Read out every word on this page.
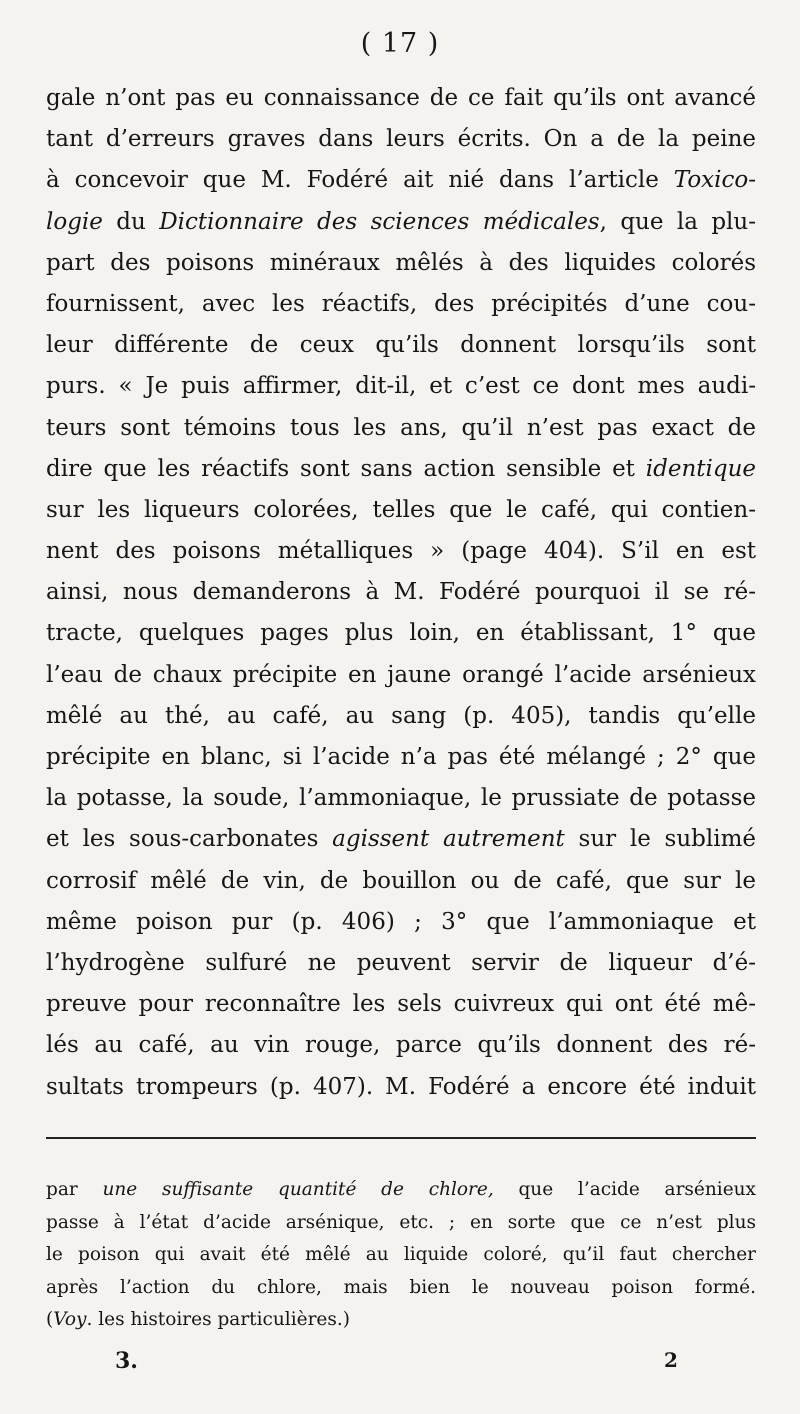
( 17 )
gale n’ont pas eu connaissance de ce fait qu’ils ont avancé
tant d’erreurs graves dans leurs écrits. On a de la peine
à concevoir que M. Fodéré ait nié dans l’article Toxico-
logie du Dictionnaire des sciences médicales, que la plu-
part des poisons minéraux mêlés à des liquides colorés
fournissent, avec les réactifs, des précipités d’une cou-
leur différente de ceux qu’ils donnent lorsqu’ils sont
purs. « Je puis affirmer, dit-il, et c’est ce dont mes audi-
teurs sont témoins tous les ans, qu’il n’est pas exact de
dire que les réactifs sont sans action sensible et identique
sur les liqueurs colorées, telles que le café, qui contien-
nent des poisons métalliques » (page 404). S’il en est
ainsi, nous demanderons à M. Fodéré pourquoi il se ré-
tracte, quelques pages plus loin, en établissant, 1° que
l’eau de chaux précipite en jaune orangé l’acide arsénieux
mêlé au thé, au café, au sang (p. 405), tandis qu’elle
précipite en blanc, si l’acide n’a pas été mélangé ; 2° que
la potasse, la soude, l’ammoniaque, le prussiate de potasse
et les sous-carbonates agissent autrement sur le sublimé
corrosif mêlé de vin, de bouillon ou de café, que sur le
même poison pur (p. 406) ; 3° que l’ammoniaque et
l’hydrogène sulfuré ne peuvent servir de liqueur d’é-
preuve pour reconnaître les sels cuivreux qui ont été mê-
lés au café, au vin rouge, parce qu’ils donnent des ré-
sultats trompeurs (p. 407). M. Fodéré a encore été induit
par une suffisante quantité de chlore, que l’acide arsénieux
passe à l’état d’acide arsénique, etc. ; en sorte que ce n’est plus
le poison qui avait été mêlé au liquide coloré, qu’il faut chercher
après l’action du chlore, mais bien le nouveau poison formé.
(Voy. les histoires particulières.)
3.	2
